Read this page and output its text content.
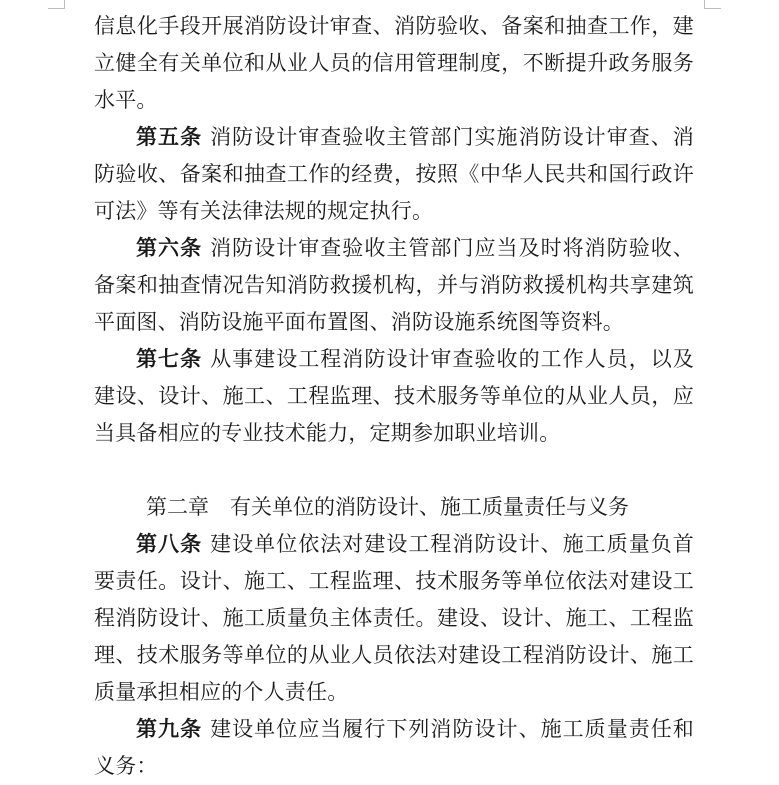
信息化手段开展消防设计审查、消防验收、备案和抽查工作，建立健全有关单位和从业人员的信用管理制度，不断提升政务服务水平。

第五条 消防设计审查验收主管部门实施消防设计审查、消防验收、备案和抽查工作的经费，按照《中华人民共和国行政许可法》等有关法律法规的规定执行。

第六条 消防设计审查验收主管部门应当及时将消防验收、备案和抽查情况告知消防救援机构，并与消防救援机构共享建筑平面图、消防设施平面布置图、消防设施系统图等资料。

第七条 从事建设工程消防设计审查验收的工作人员，以及建设、设计、施工、工程监理、技术服务等单位的从业人员，应当具备相应的专业技术能力，定期参加职业培训。

第二章　有关单位的消防设计、施工质量责任与义务

第八条 建设单位依法对建设工程消防设计、施工质量负首要责任。设计、施工、工程监理、技术服务等单位依法对建设工程消防设计、施工质量负主体责任。建设、设计、施工、工程监理、技术服务等单位的从业人员依法对建设工程消防设计、施工质量承担相应的个人责任。

第九条 建设单位应当履行下列消防设计、施工质量责任和义务：
